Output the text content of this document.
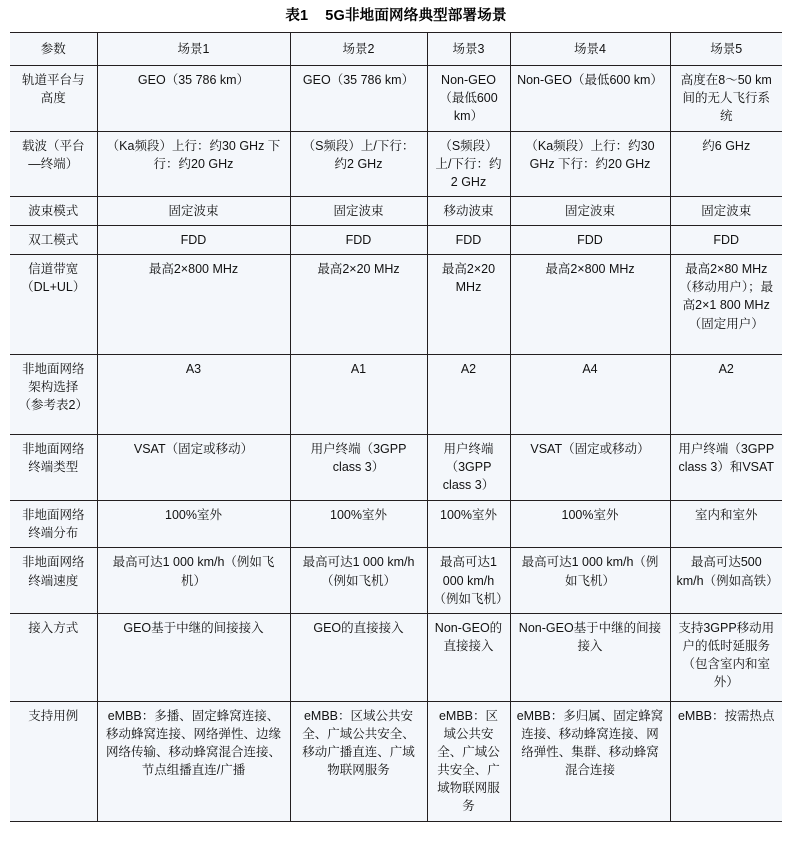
表1    5G非地面网络典型部署场景
参数	场景1	场景2	场景3	场景4	场景5
轨道平台与高度	GEO（35 786 km）	GEO（35 786 km）	Non-GEO（最低600 km）	Non-GEO（最低600 km）	高度在8～50 km间的无人飞行系统
载波（平台—终端）	（Ka频段）上行：约30 GHz 下行：约20 GHz	（S频段）上/下行：约2 GHz	（S频段）上/下行：约2 GHz	（Ka频段）上行：约30 GHz 下行：约20 GHz	约6 GHz
波束模式	固定波束	固定波束	移动波束	固定波束	固定波束
双工模式	FDD	FDD	FDD	FDD	FDD
信道带宽（DL+UL）	最高2×800 MHz	最高2×20 MHz	最高2×20 MHz	最高2×800 MHz	最高2×80 MHz（移动用户）；最高2×1 800 MHz（固定用户）
非地面网络架构选择（参考表2）	A3	A1	A2	A4	A2
非地面网络终端类型	VSAT（固定或移动）	用户终端（3GPP class 3）	用户终端（3GPP class 3）	VSAT（固定或移动）	用户终端（3GPP class 3）和VSAT
非地面网络终端分布	100%室外	100%室外	100%室外	100%室外	室内和室外
非地面网络终端速度	最高可达1 000 km/h（例如飞机）	最高可达1 000 km/h（例如飞机）	最高可达1 000 km/h（例如飞机）	最高可达1 000 km/h（例如飞机）	最高可达500 km/h（例如高铁）
接入方式	GEO基于中继的间接接入	GEO的直接接入	Non-GEO的直接接入	Non-GEO基于中继的间接接入	支持3GPP移动用户的低时延服务（包含室内和室外）
支持用例	eMBB：多播、固定蜂窝连接、移动蜂窝连接、网络弹性、边缘网络传输、移动蜂窝混合连接、节点组播直连/广播	eMBB：区域公共安全、广域公共安全、移动广播直连、广域物联网服务	eMBB：区域公共安全、广域公共安全、广域物联网服务	eMBB：多归属、固定蜂窝连接、移动蜂窝连接、网络弹性、集群、移动蜂窝混合连接	eMBB：按需热点
